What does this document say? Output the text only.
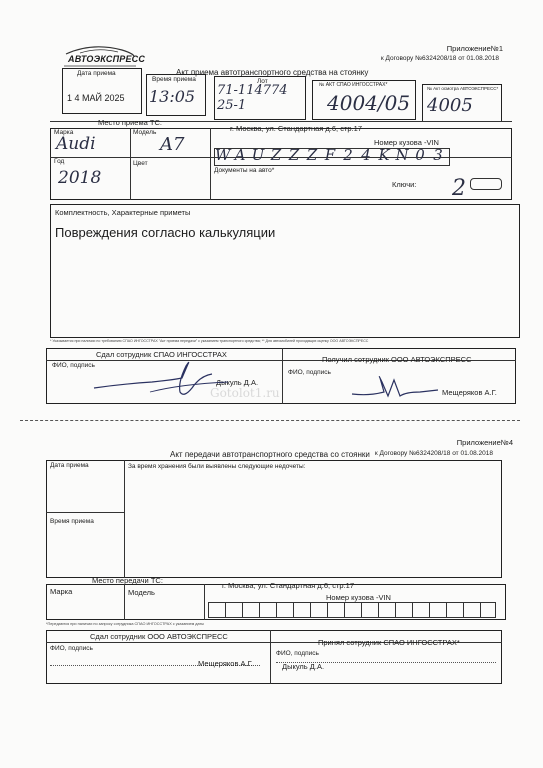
Приложение№1
к Договору №6324208/18 от 01.08.2018
АВТОЭКСПРЕСС
Акт приема автотранспортного средства на стоянку
Дата приема
1 4 МАЙ 2025
Время приема
13:05
Лот
71-114774 25-1
№ АКТ СПАО ИНГОССТРАХ*
4004/05
№ Акт осмотра АВТОЭКСПРЕСС*
4005
Место приема ТС:
г. Москва, ул. Стандартная д.6, стр.17
Марка
Audi
Модель
A7	Номер кузова -VIN
W A U Z Z Z F 2 4 K N 0 3
Год
2018
Цвет
Документы на авто*
Ключи: 2
Комплектность, Характерные приметы
Повреждения согласно калькуляции
* Указывается при наличии по требованию СПАО ИНГОССТРАХ "Акт приема передачи" с указанием транспортного средства; ** Для автомобилей проходящих оценку ООО АВТОЭКСПРЕСС
Сдал сотрудник СПАО ИНГОССТРАХ
Получил сотрудник ООО АВТОЭКСПРЕСС
ФИО, подпись
ФИО, подпись
Дыкуль Д.А.
Мещеряков А.Г.
Gotolot1.ru
Приложение№4
к Договору №6324208/18 от 01.08.2018
Акт передачи автотранспортного средства со стоянки
Дата приема	За время хранения были выявлены следующие недочеты:
Время приема
Место передачи ТС:
г. Москва, ул. Стандартная д.6, стр.17
Марка	Модель
Номер кузова -VIN
*Передаются при наличии по запросу сотрудника СПАО ИНГОССТРАХ с указанием даты
Сдал сотрудник ООО АВТОЭКСПРЕСС
Принял сотрудник СПАО ИНГОССТРАХ*
ФИО, подпись
ФИО, подпись
Мещеряков А.Г.	Дыкуль Д.А.
